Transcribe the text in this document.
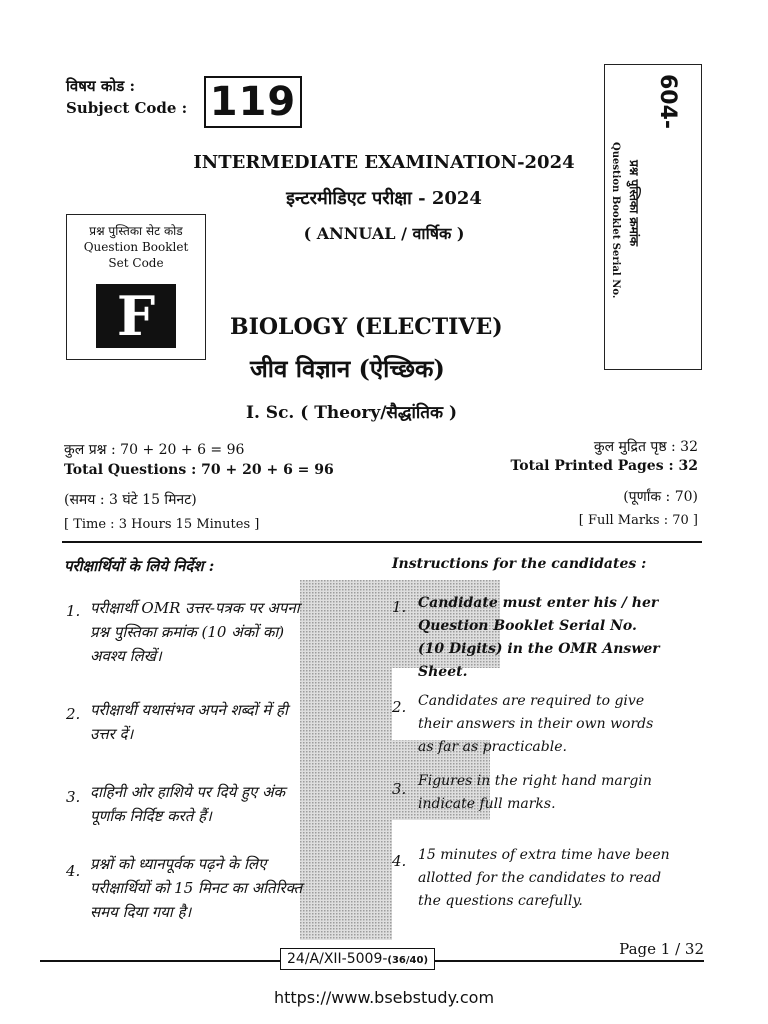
विषय कोड :
Subject Code : 119	604-
प्रश्न पुस्तिका क्रमांक
Question Booklet Serial No.
INTERMEDIATE EXAMINATION-2024
इन्टरमीडिएट परीक्षा - 2024
( ANNUAL / वार्षिक )
प्रश्न पुस्तिका सेट कोड
Question Booklet
Set Code
F	BIOLOGY (ELECTIVE)
जीव विज्ञान (ऐच्छिक)
I. Sc. ( Theory/सैद्धांतिक )
कुल प्रश्न : 70 + 20 + 6 = 96
Total Questions : 70 + 20 + 6 = 96
कुल मुद्रित पृष्ठ : 32
Total Printed Pages : 32
(समय : 3 घंटे 15 मिनट)	(पूर्णांक : 70)
[ Time : 3 Hours 15 Minutes ]	[ Full Marks : 70 ]
परीक्षार्थियों के लिये निर्देश :	Instructions for the candidates :
1. परीक्षार्थी OMR उत्तर-पत्रक पर अपना
प्रश्न पुस्तिका क्रमांक (10 अंकों का)
अवश्य लिखें।
2. परीक्षार्थी यथासंभव अपने शब्दों में ही
उत्तर दें।
3. दाहिनी ओर हाशिये पर दिये हुए अंक
पूर्णांक निर्दिष्ट करते हैं।
4. प्रश्नों को ध्यानपूर्वक पढ़ने के लिए
परीक्षार्थियों को 15 मिनट का अतिरिक्त
समय दिया गया है।
1. Candidate must enter his / her
Question Booklet Serial No.
(10 Digits) in the OMR Answer
Sheet.
2. Candidates are required to give
their answers in their own words
as far as practicable.
3. Figures in the right hand margin
indicate full marks.
4. 15 minutes of extra time have been
allotted for the candidates to read
the questions carefully.
24/A/XII-5009-(36/40)
Page 1 / 32
https://www.bsebstudy.com
